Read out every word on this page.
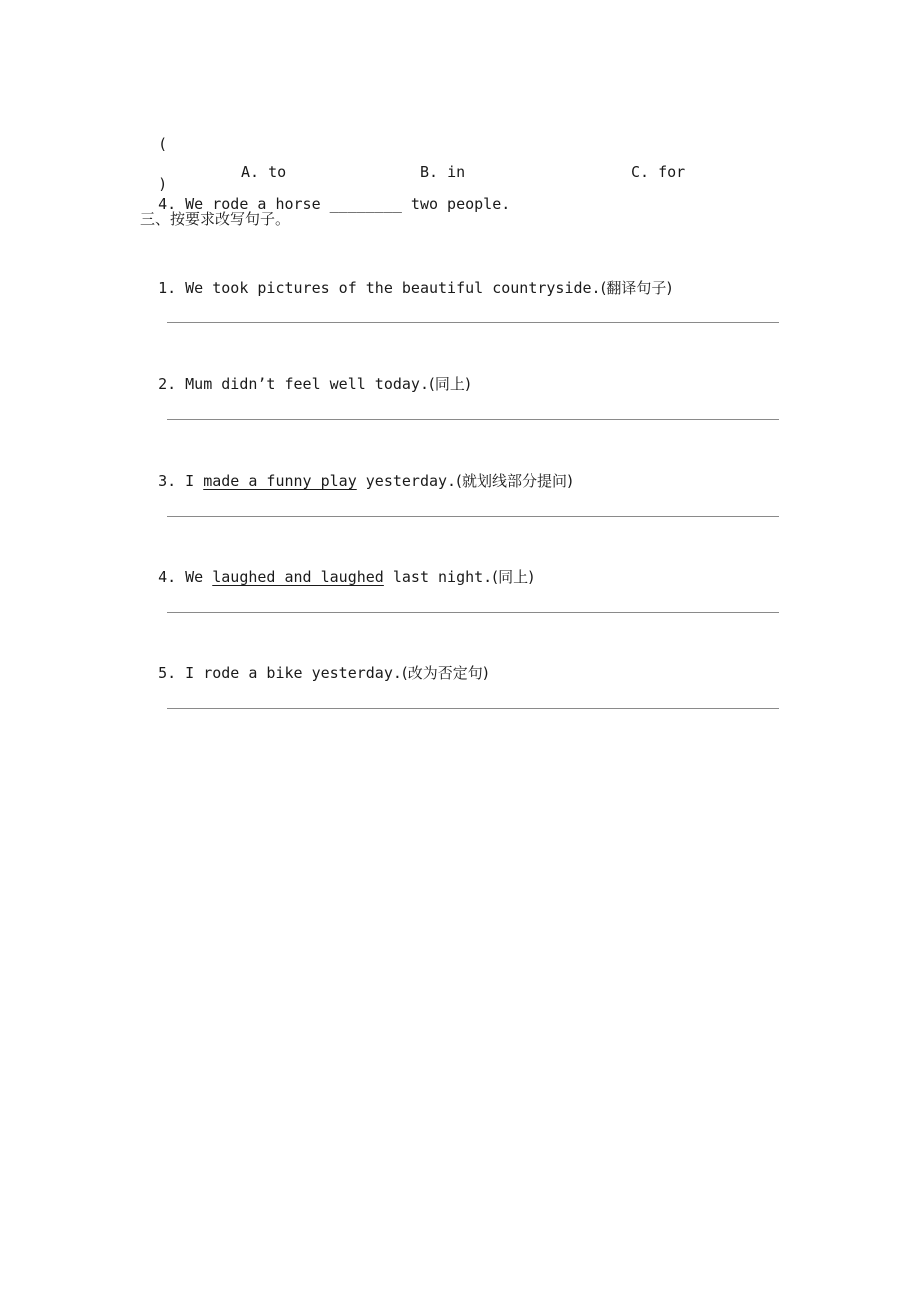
(

)
4. We rode a horse ________ two people.

A. to	B. in	C. for
三、按要求改写句子。

1. We took pictures of the beautiful countryside.(翻译句子)

2. Mum didn’t feel well today.(同上)

3. I made a funny play yesterday.(就划线部分提问)

4. We laughed and laughed last night.(同上)

5. I rode a bike yesterday.(改为否定句)
